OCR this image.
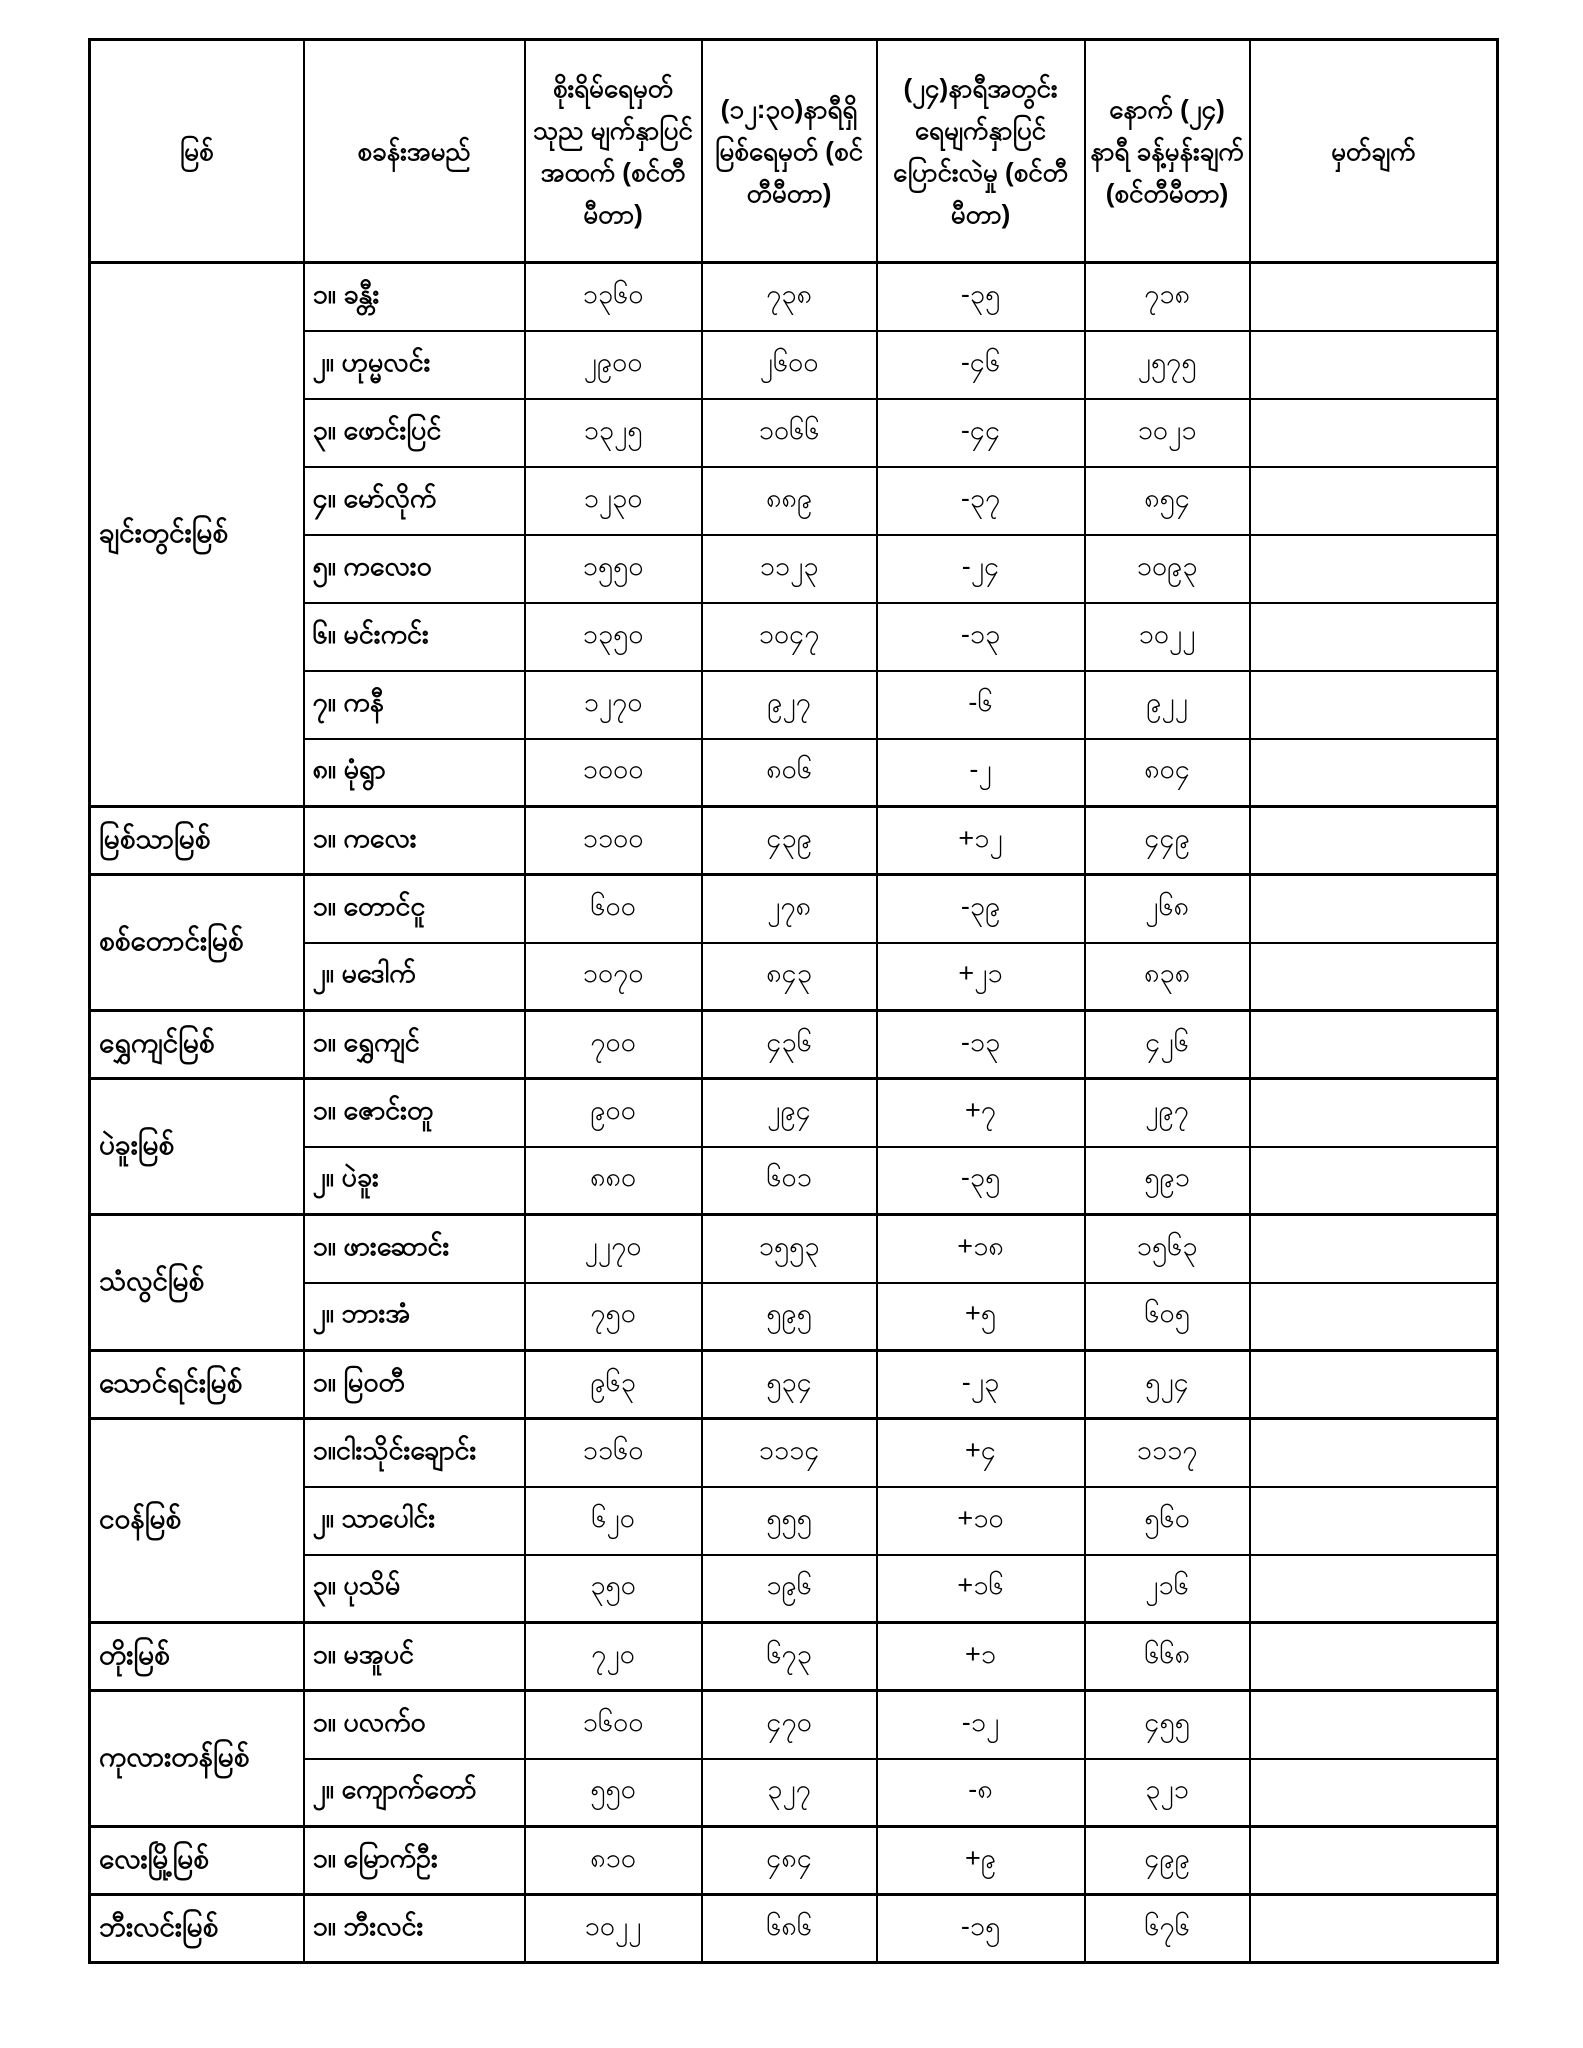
မြစ်	စခန်းအမည်	စိုးရိမ်ရေမှတ် သုည မျက်နှာပြင် အထက် (စင်တီမီတာ)	(၁၂:၃၀)နာရီရှိ မြစ်ရေမှတ် (စင်တီမီတာ)	(၂၄)နာရီအတွင်း ရေမျက်နှာပြင် ပြောင်းလဲမှု (စင်တီမီတာ)	နောက် (၂၄) နာရီ ခန့်မှန်းချက် (စင်တီမီတာ)	မှတ်ချက်
ချင်းတွင်းမြစ်	၁။ ခန္တီး	၁၃၆၀	၇၃၈	-၃၅	၇၁၈	
	၂။ ဟုမ္မလင်း	၂၉၀၀	၂၆၀၀	-၄၆	၂၅၇၅	
	၃။ ဖောင်းပြင်	၁၃၂၅	၁၀၆၆	-၄၄	၁၀၂၁	
	၄။ မော်လိုက်	၁၂၃၀	၈၈၉	-၃၇	၈၅၄	
	၅။ ကလေးဝ	၁၅၅၀	၁၁၂၃	-၂၄	၁၀၉၃	
	၆။ မင်းကင်း	၁၃၅၀	၁၀၄၇	-၁၃	၁၀၂၂	
	၇။ ကနီ	၁၂၇၀	၉၂၇	-၆	၉၂၂	
	၈။ မုံရွာ	၁၀၀၀	၈၀၆	-၂	၈၀၄	
မြစ်သာမြစ်	၁။ ကလေး	၁၁၀၀	၄၃၉	+၁၂	၄၄၉	
စစ်တောင်းမြစ်	၁။ တောင်ငူ	၆၀၀	၂၇၈	-၃၉	၂၆၈	
	၂။ မဒေါက်	၁၀၇၀	၈၄၃	+၂၁	၈၃၈	
ရွှေကျင်မြစ်	၁။ ရွှေကျင်	၇၀၀	၄၃၆	-၁၃	၄၂၆	
ပဲခူးမြစ်	၁။ ဇောင်းတူ	၉၀၀	၂၉၄	+၇	၂၉၇	
	၂။ ပဲခူး	၈၈၀	၆၀၁	-၃၅	၅၉၁	
သံလွင်မြစ်	၁။ ဖားဆောင်း	၂၂၇၀	၁၅၅၃	+၁၈	၁၅၆၃	
	၂။ ဘားအံ	၇၅၀	၅၉၅	+၅	၆၀၅	
သောင်ရင်းမြစ်	၁။ မြဝတီ	၉၆၃	၅၃၄	-၂၃	၅၂၄	
ငဝန်မြစ်	၁။ငါးသိုင်းချောင်း	၁၁၆၀	၁၁၁၄	+၄	၁၁၁၇	
	၂။ သာပေါင်း	၆၂၀	၅၅၅	+၁၀	၅၆၀	
	၃။ ပုသိမ်	၃၅၀	၁၉၆	+၁၆	၂၁၆	
တိုးမြစ်	၁။ မအူပင်	၇၂၀	၆၇၃	+၁	၆၆၈	
ကုလားတန်မြစ်	၁။ ပလက်ဝ	၁၆၀၀	၄၇၀	-၁၂	၄၅၅	
	၂။ ကျောက်တော်	၅၅၀	၃၂၇	-၈	၃၂၁	
လေးမြို့မြစ်	၁။ မြောက်ဦး	၈၁၀	၄၈၄	+၉	၄၉၉	
ဘီးလင်းမြစ်	၁။ ဘီးလင်း	၁၀၂၂	၆၈၆	-၁၅	၆၇၆	
